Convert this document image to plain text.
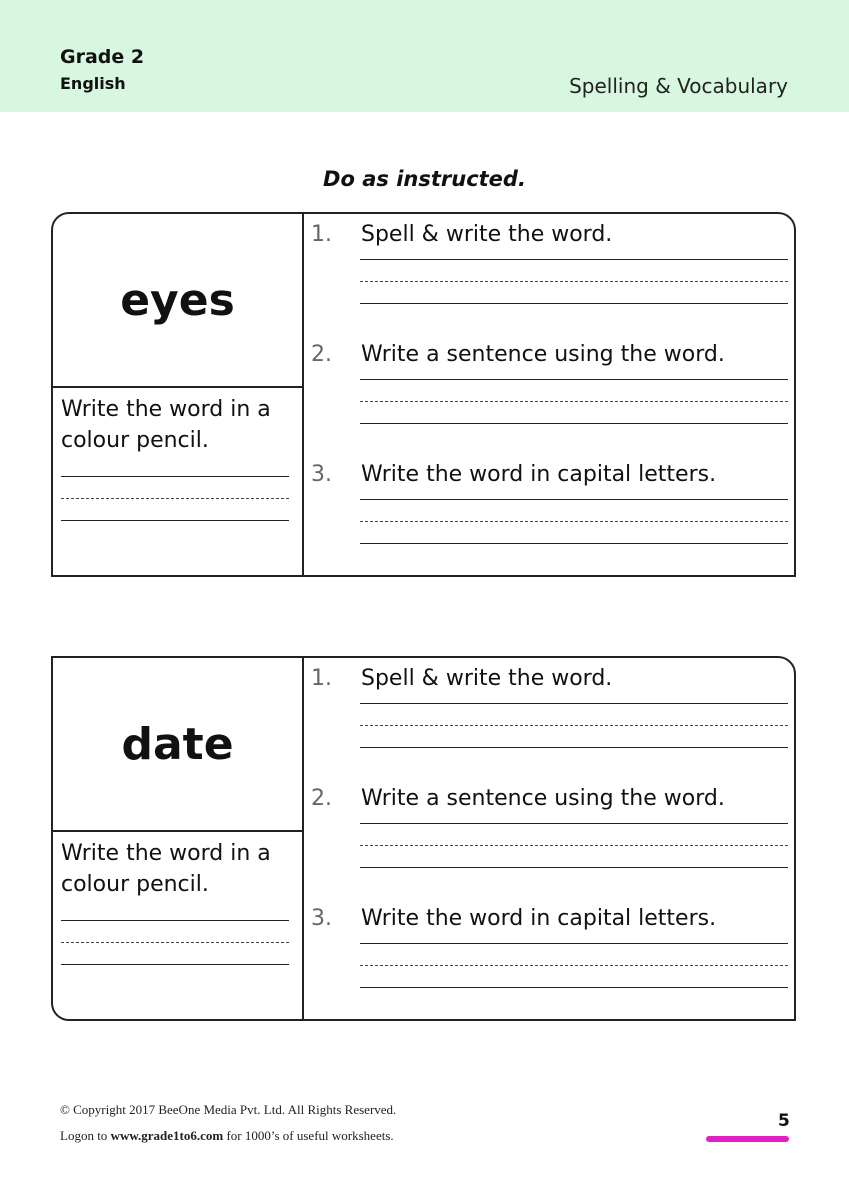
Grade 2
English	Spelling & Vocabulary
Do as instructed.
eyes
Write the word in a colour pencil.
1. Spell & write the word.
2. Write a sentence using the word.
3. Write the word in capital letters.
date
Write the word in a colour pencil.
1. Spell & write the word.
2. Write a sentence using the word.
3. Write the word in capital letters.
© Copyright 2017 BeeOne Media Pvt. Ltd. All Rights Reserved.
Logon to www.grade1to6.com for 1000’s of useful worksheets.
5
